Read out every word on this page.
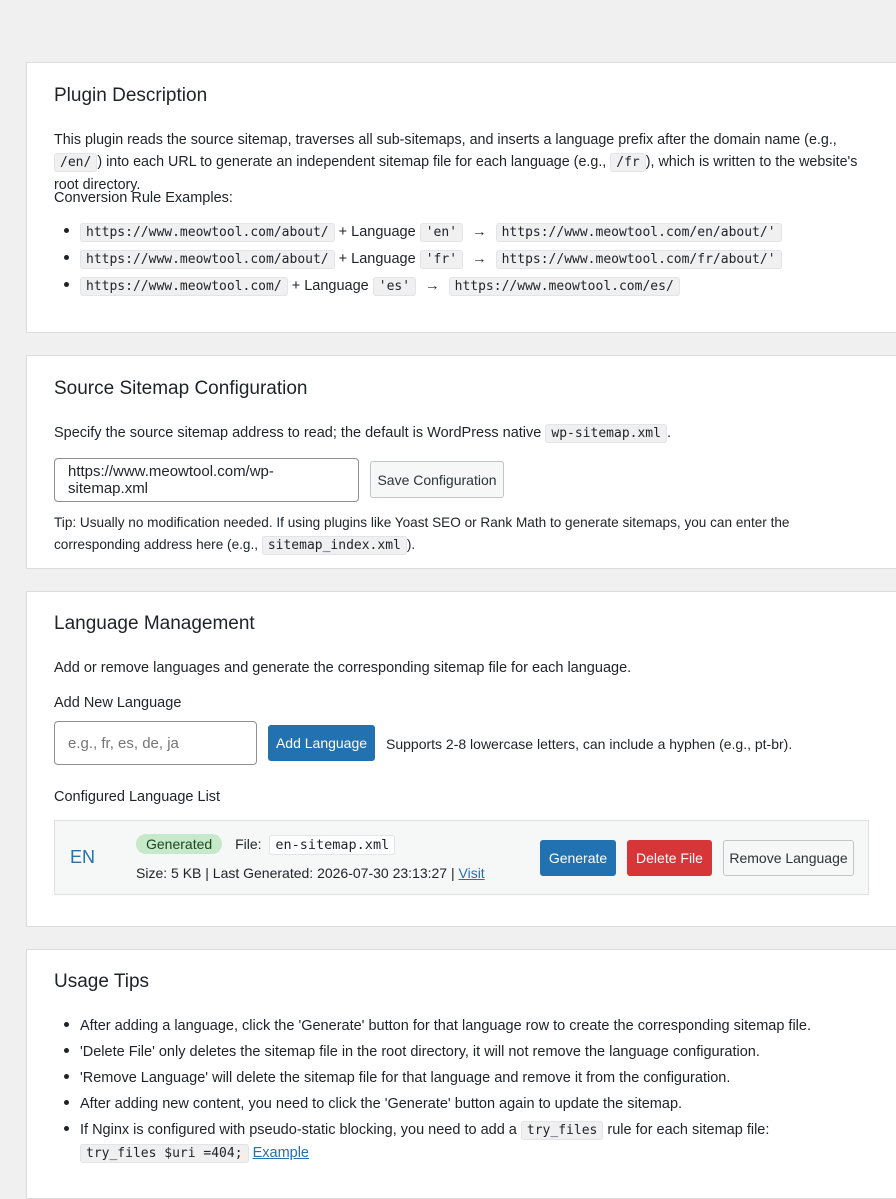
Plugin Description

This plugin reads the source sitemap, traverses all sub-sitemaps, and inserts a language prefix after the domain name (e.g., /en/ ) into each URL to generate an independent sitemap file for each language (e.g., /fr ), which is written to the website's root directory.

Conversion Rule Examples:

https://www.meowtool.com/about/ + Language 'en' → https://www.meowtool.com/en/about/'
https://www.meowtool.com/about/ + Language 'fr' → https://www.meowtool.com/fr/about/'
https://www.meowtool.com/ + Language 'es' → https://www.meowtool.com/es/
Source Sitemap Configuration

Specify the source sitemap address to read; the default is WordPress native wp-sitemap.xml .

https://www.meowtool.com/wp-sitemap.xml
Save Configuration

Tip: Usually no modification needed. If using plugins like Yoast SEO or Rank Math to generate sitemaps, you can enter the corresponding address here (e.g., sitemap_index.xml ).

Language Management

Add or remove languages and generate the corresponding sitemap file for each language.

Add New Language

e.g., fr, es, de, ja
Add Language	Supports 2-8 lowercase letters, can include a hyphen (e.g., pt-br).

Configured Language List

EN
Generated File: en-sitemap.xml
Size: 5 KB | Last Generated: 2026-07-30 23:13:27 | Visit
Generate	Delete File	Remove Language
Usage Tips
After adding a language, click the 'Generate' button for that language row to create the corresponding sitemap file.
'Delete File' only deletes the sitemap file in the root directory, it will not remove the language configuration.
'Remove Language' will delete the sitemap file for that language and remove it from the configuration.
After adding new content, you need to click the 'Generate' button again to update the sitemap.
If Nginx is configured with pseudo-static blocking, you need to add a try_files rule for each sitemap file:
try_files $uri =404; Example
